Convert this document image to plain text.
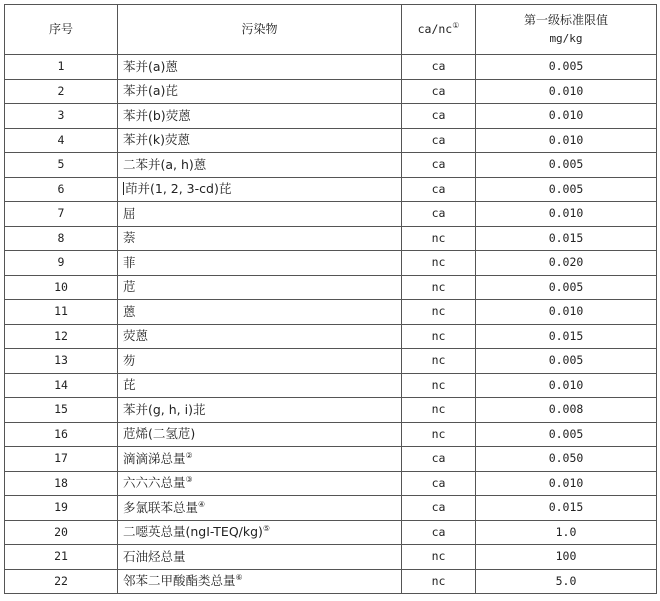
序号	污染物	ca/nc①	第一级标准限值
mg/kg

1	苯并(a)蒽	ca	0.005
2	苯并(a)芘	ca	0.010
3	苯并(b)荧蒽	ca	0.010
4	苯并(k)荧蒽	ca	0.010
5	二苯并(a, h)蒽	ca	0.005
6	茚并(1, 2, 3-cd)芘	ca	0.005
7	屈	ca	0.010
8	萘	nc	0.015
9	菲	nc	0.020
10	苊	nc	0.005
11	蒽	nc	0.010
12	荧蒽	nc	0.015
13	芴	nc	0.005
14	芘	nc	0.010
15	苯并(g, h, i)苝	nc	0.008
16	苊烯(二氢苊)	nc	0.005
17	滴滴涕总量②	ca	0.050
18	六六六总量③	ca	0.010
19	多氯联苯总量④	ca	0.015
20	二噁英总量(ngI-TEQ/kg)⑤	ca	1.0
21	石油烃总量	nc	100
22	邻苯二甲酸酯类总量⑥	nc	5.0
